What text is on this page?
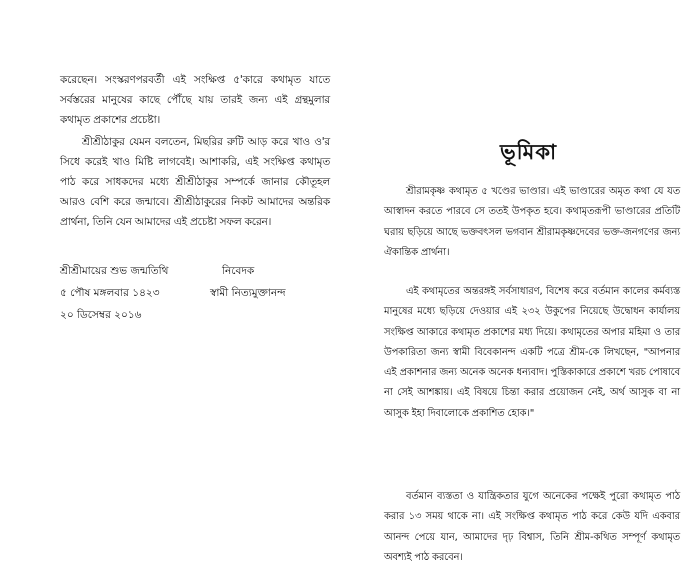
করেছেন। সংস্করণপরবর্তী এই সংক্ষিপ্ত ৫'কারে কথামৃত যাতে সর্বস্তরের মানুষের কাছে পৌঁছে যায় তারই জন্য এই গ্রন্থমুলার কথামৃত প্রকাশের প্রচেষ্টা।

শ্রীশ্রীঠাকুর যেমন বলতেন, মিছরির রুটি আড় করে খাও ও'র সিধে করেই খাও মিষ্টি লাগবেই। আশাকরি, এই সংক্ষিপ্ত কথামৃত পাঠ করে সাধকদের মধ্যে শ্রীশ্রীঠাকুর সম্পর্কে জানার কৌতূহল আরও বেশি করে জন্মাবে। শ্রীশ্রীঠাকুরের নিকট আমাদের অন্তরিক প্রার্থনা, তিনি যেন আমাদের এই প্রচেষ্টা সফল করেন।

শ্রীশ্রীমায়ের শুভ জন্মতিথি	নিবেদক
৫ পৌষ মঙ্গলবার ১৪২৩	স্বামী নিত্যমুক্তানন্দ
২০ ডিসেম্বর ২০১৬
ভূমিকা

শ্রীরামকৃষ্ণ কথামৃত ৫ খণ্ডের ভাণ্ডার। এই ভাণ্ডারের অমৃত কথা যে যত আস্বাদন করতে পারবে সে ততই উপকৃত হবে। কথামৃতরূপী ভাণ্ডারের প্রতিটি ঘরায় ছড়িয়ে আছে ভক্তবৎসল ভগবান শ্রীরামকৃষ্ণদেবের ভক্ত-জনগণের জন্য ঐকান্তিক প্রার্থনা।

এই কথামৃতের অন্তরঙ্গই সর্বসাধারণ, বিশেষ করে বর্তমান কালের কর্মব্যস্ত মানুষের মধ্যে ছড়িয়ে দেওয়ার এই ২৩২ উকুপের নিয়েছে উদ্বোধন কার্যালয় সংক্ষিপ্ত আকারে কথামৃত প্রকাশের মধ্য দিয়ে। কথামৃতের অপার মহিমা ও তার উপকারিতা জন্য স্বামী বিবেকানন্দ একটি পত্রে শ্রীম-কে লিখছেন, "আপনার এই প্রকাশনার জন্য অনেক অনেক ধন্যবাদ। পুস্তিকাকারে প্রকাশে খরচ পোষাবে না সেই আশঙ্কায়। এই বিষয়ে চিন্তা করার প্রয়োজন নেই, অর্থ আসুক বা না আসুক ইহা দিবালোকে প্রকাশিত হোক।"

বর্তমান ব্যস্ততা ও যান্ত্রিকতার যুগে অনেকের পক্ষেই পুরো কথামৃত পাঠ করার ১৩ সময় থাকে না। এই সংক্ষিপ্ত কথামৃত পাঠ করে কেউ যদি একবার আনন্দ পেয়ে যান, আমাদের দৃঢ় বিশ্বাস, তিনি শ্রীম-কথিত সম্পূর্ণ কথামৃত অবশ্যই পাঠ করবেন।
